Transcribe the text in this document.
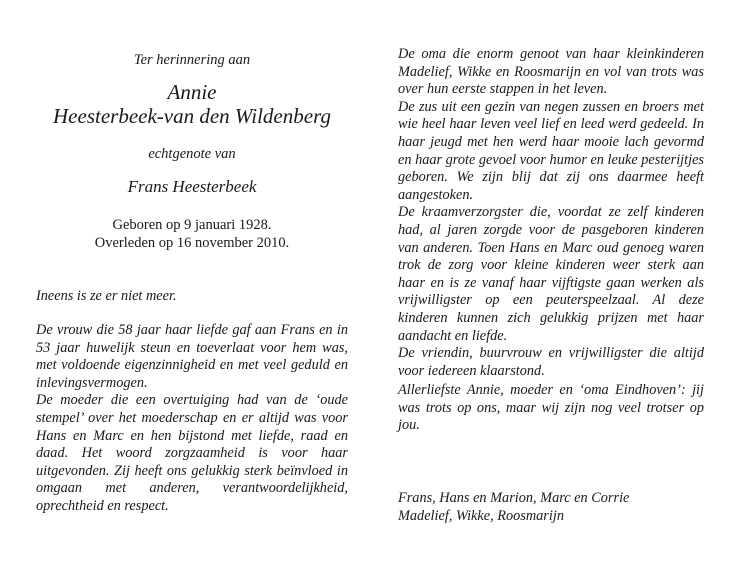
Ter herinnering aan
Annie
Heesterbeek-van den Wildenberg
echtgenote van
Frans Heesterbeek
Geboren op 9 januari 1928.
Overleden op 16 november 2010.
Ineens is ze er niet meer.

De vrouw die 58 jaar haar liefde gaf aan Frans en in 53 jaar huwelijk steun en toeverlaat voor hem was, met voldoende eigenzinnigheid en met veel geduld en inlevingsvermogen.

De moeder die een overtuiging had van de ‘oude stempel’ over het moederschap en er altijd was voor Hans en Marc en hen bijstond met liefde, raad en daad. Het woord zorgzaamheid is voor haar uitgevonden. Zij heeft ons gelukkig sterk beïnvloed in omgaan met anderen, verantwoordelijkheid, oprechtheid en respect.

De oma die enorm genoot van haar kleinkinderen Madelief, Wikke en Roosmarijn en vol van trots was over hun eerste stappen in het leven.

De zus uit een gezin van negen zussen en broers met wie heel haar leven veel lief en leed werd gedeeld. In haar jeugd met hen werd haar mooie lach gevormd en haar grote gevoel voor humor en leuke pesterijtjes geboren. We zijn blij dat zij ons daarmee heeft aangestoken.

De kraamverzorgster die, voordat ze zelf kinderen had, al jaren zorgde voor de pasgeboren kinderen van anderen. Toen Hans en Marc oud genoeg waren trok de zorg voor kleine kinderen weer sterk aan haar en is ze vanaf haar vijftigste gaan werken als vrijwilligster op een peuterspeelzaal. Al deze kinderen kunnen zich gelukkig prijzen met haar aandacht en liefde.

De vriendin, buurvrouw en vrijwilligster die altijd voor iedereen klaarstond.

Allerliefste Annie, moeder en ‘oma Eindhoven’: jij was trots op ons, maar wij zijn nog veel trotser op jou.
Frans, Hans en Marion, Marc en Corrie
Madelief, Wikke, Roosmarijn
